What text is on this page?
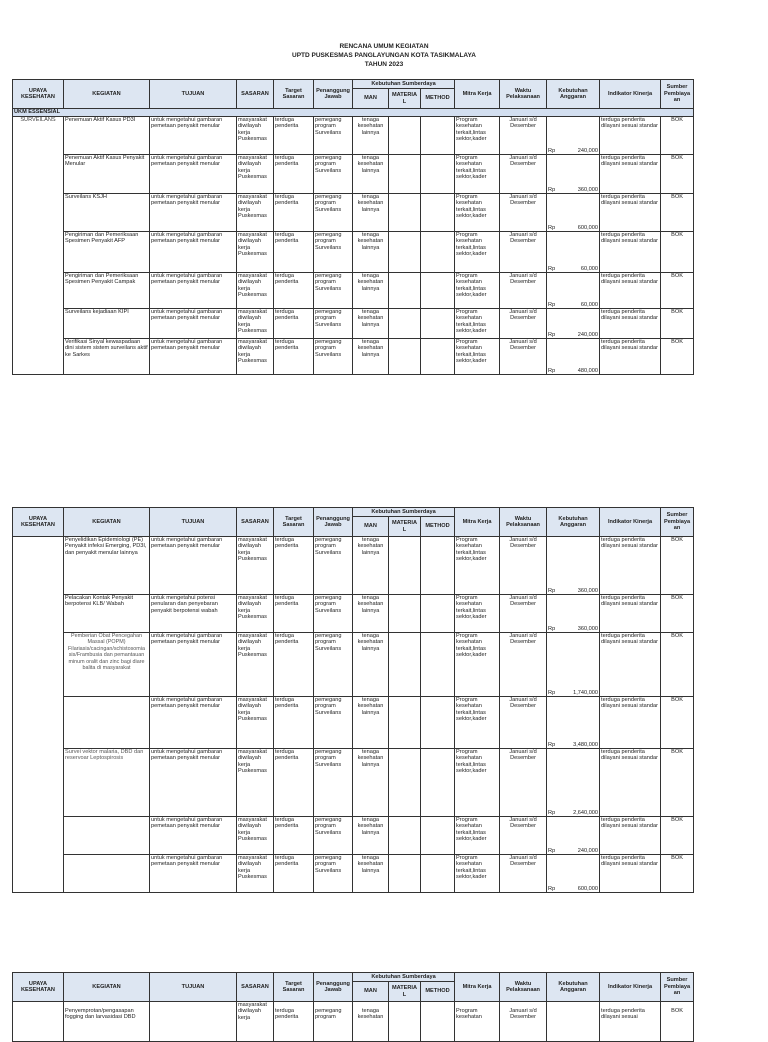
RENCANA UMUM KEGIATAN
UPTD PUSKESMAS PANGLAYUNGAN KOTA TASIKMALAYA
TAHUN 2023
UPAYA KESEHATAN	KEGIATAN	TUJUAN	SASARAN	Target Sasaran	Penanggung Jawab	Kebutuhan Sumberdaya			Mitra Kerja	Waktu Pelaksanaan	Kebutuhan Anggaran	Indikator Kinerja	Sumber Pembiaya an
						MAN	MATERIA L	METHOD					
UKM ESSENSIAL													

SURVEILANS	Penemuan Aktif Kasus PD3I	untuk mengetahui gambaran pemetaan penyakit menular	masyarakat diwilayah kerja Puskesmas	terduga penderita	pemegang program Surveilans	tenaga kesehatan lainnya			Program kesehatan terkait,lintas sektor,kader	Januari s/d Desember	Rp 240,000	terduga penderita dilayani sesuai standar	BOK

	Penemuan Aktif Kasus Penyakit Menular	untuk mengetahui gambaran pemetaan penyakit menular	masyarakat diwilayah kerja Puskesmas	terduga penderita	pemegang program Surveilans	tenaga kesehatan lainnya			Program kesehatan terkait,lintas sektor,kader	Januari s/d Desember	Rp 360,000	terduga penderita dilayani sesuai standar	BOK

	Surveilans KSJH	untuk mengetahui gambaran pemetaan penyakit menular	masyarakat diwilayah kerja Puskesmas	terduga penderita	pemegang program Surveilans	tenaga kesehatan lainnya			Program kesehatan terkait,lintas sektor,kader	Januari s/d Desember	Rp 600,000	terduga penderita dilayani sesuai standar	BOK

	Pengiriman dan Pemeriksaan Spesimen Penyakit AFP	untuk mengetahui gambaran pemetaan penyakit menular	masyarakat diwilayah kerja Puskesmas	terduga penderita	pemegang program Surveilans	tenaga kesehatan lainnya			Program kesehatan terkait,lintas sektor,kader	Januari s/d Desember	Rp 60,000	terduga penderita dilayani sesuai standar	BOK

	Pengiriman dan Pemeriksaan Spesimen Penyakit Campak	untuk mengetahui gambaran pemetaan penyakit menular	masyarakat diwilayah kerja Puskesmas	terduga penderita	pemegang program Surveilans	tenaga kesehatan lainnya			Program kesehatan terkait,lintas sektor,kader	Januari s/d Desember	Rp 60,000	terduga penderita dilayani sesuai standar	BOK

	Surveilans kejadiaan KIPI	untuk mengetahui gambaran pemetaan penyakit menular	masyarakat diwilayah kerja Puskesmas	terduga penderita	pemegang program Surveilans	tenaga kesehatan lainnya			Program kesehatan terkait,lintas sektor,kader	Januari s/d Desember	Rp 240,000	terduga penderita dilayani sesuai standar	BOK

	Verifikasi Sinyal kewaspadaan dini sistem sistem surveilans aktif ke Sarkes	untuk mengetahui gambaran pemetaan penyakit menular	masyarakat diwilayah kerja Puskesmas	terduga penderita	pemegang program Surveilans	tenaga kesehatan lainnya			Program kesehatan terkait,lintas sektor,kader	Januari s/d Desember	Rp 480,000	terduga penderita dilayani sesuai standar	BOK
UPAYA KESEHATAN	KEGIATAN	TUJUAN	SASARAN	Target Sasaran	Penanggung Jawab	Kebutuhan Sumberdaya			Mitra Kerja	Waktu Pelaksanaan	Kebutuhan Anggaran	Indikator Kinerja	Sumber Pembiaya an
						MAN	MATERIA L	METHOD					

	Penyelidikan Epidemiologi (PE) Penyakit infeksi Emerging, PD3I, dan penyakit menular lainnya	untuk mengetahui gambaran pemetaan penyakit menular	masyarakat diwilayah kerja Puskesmas	terduga penderita	pemegang program Surveilans	tenaga kesehatan lainnya			Program kesehatan terkait,lintas sektor,kader	Januari s/d Desember	Rp 360,000	terduga penderita dilayani sesuai standar	BOK

	Pelacakan Kontak Penyakit berpotensi KLB/ Wabah	untuk mengetahui potensi penularan dan penyebaran penyakit berpotensi wabah	masyarakat diwilayah kerja Puskesmas	terduga penderita	pemegang program Surveilans	tenaga kesehatan lainnya			Program kesehatan terkait,lintas sektor,kader	Januari s/d Desember	Rp 360,000	terduga penderita dilayani sesuai standar	BOK

	Pemberian Obat Pencegahan Massal (POPM) Filariasis/cacingan/schistosomia sis/Frambusia dan pemantauan minum oralit dan zinc bagi diare balita di masyarakat	untuk mengetahui gambaran pemetaan penyakit menular	masyarakat diwilayah kerja Puskesmas	terduga penderita	pemegang program Surveilans	tenaga kesehatan lainnya			Program kesehatan terkait,lintas sektor,kader	Januari s/d Desember	Rp 1,740,000	terduga penderita dilayani sesuai standar	BOK

		untuk mengetahui gambaran pemetaan penyakit menular	masyarakat diwilayah kerja Puskesmas	terduga penderita	pemegang program Surveilans	tenaga kesehatan lainnya			Program kesehatan terkait,lintas sektor,kader	Januari s/d Desember	Rp 3,480,000	terduga penderita dilayani sesuai standar	BOK

	Survei vektor malaria, DBD dan reservoar Leptospirosis	untuk mengetahui gambaran pemetaan penyakit menular	masyarakat diwilayah kerja Puskesmas	terduga penderita	pemegang program Surveilans	tenaga kesehatan lainnya			Program kesehatan terkait,lintas sektor,kader	Januari s/d Desember	Rp 2,640,000	terduga penderita dilayani sesuai standar	BOK

		untuk mengetahui gambaran pemetaan penyakit menular	masyarakat diwilayah kerja Puskesmas	terduga penderita	pemegang program Surveilans	tenaga kesehatan lainnya			Program kesehatan terkait,lintas sektor,kader	Januari s/d Desember	Rp 240,000	terduga penderita dilayani sesuai standar	BOK

		untuk mengetahui gambaran pemetaan penyakit menular	masyarakat diwilayah kerja Puskesmas	terduga penderita	pemegang program Surveilans	tenaga kesehatan lainnya			Program kesehatan terkait,lintas sektor,kader	Januari s/d Desember	Rp 600,000	terduga penderita dilayani sesuai standar	BOK
UPAYA KESEHATAN	KEGIATAN	TUJUAN	SASARAN	Target Sasaran	Penanggung Jawab	Kebutuhan Sumberdaya			Mitra Kerja	Waktu Pelaksanaan	Kebutuhan Anggaran	Indikator Kinerja	Sumber Pembiaya an
						MAN	MATERIA L	METHOD					

	Penyemprotan/pengasapan fogging dan larvasidasi DBD		masyarakat diwilayah kerja	terduga penderita	pemegang program	tenaga kesehatan			Program kesehatan	Januari s/d Desember		terduga penderita dilayani sesuai	BOK
